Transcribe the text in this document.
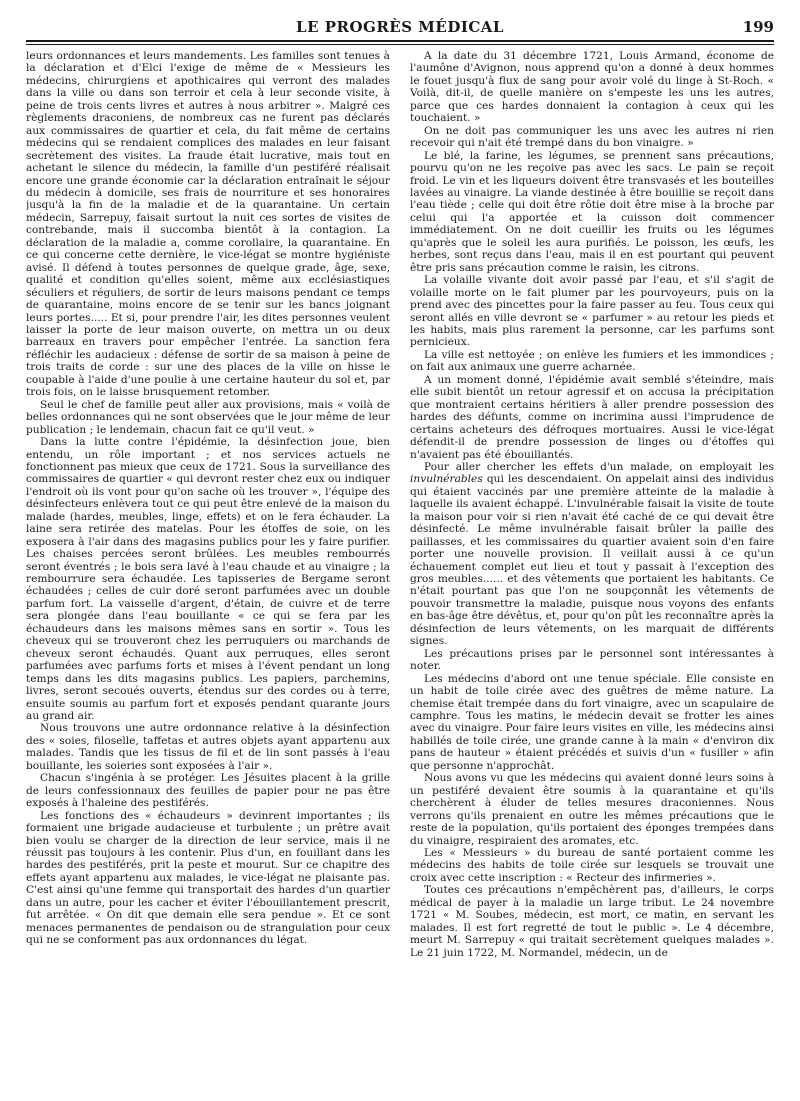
LE PROGRÈS MÉDICAL	199

leurs ordonnances et leurs mandements. Les familles sont tenues à la déclaration et d'Elci l'exige de même de « Messieurs les médecins, chirurgiens et apothicaires qui verront des malades dans la ville ou dans son terroir et cela à leur seconde visite, à peine de trois cents livres et autres à nous arbitrer ». Malgré ces règlements draconiens, de nombreux cas ne furent pas déclarés aux commissaires de quartier et cela, du fait même de certains médecins qui se rendaient complices des malades en leur faisant secrètement des visites. La fraude était lucrative, mais tout en achetant le silence du médecin, la famille d'un pestiféré réalisait encore une grande économie car la déclaration entraînait le séjour du médecin à domicile, ses frais de nourriture et ses honoraires jusqu'à la fin de la maladie et de la quarantaine. Un certain médecin, Sarrepuy, faisait surtout la nuit ces sortes de visites de contrebande, mais il succomba bientôt à la contagion. La déclaration de la maladie a, comme corollaire, la quarantaine. En ce qui concerne cette dernière, le vice-légat se montre hygiéniste avisé. Il défend à toutes personnes de quelque grade, âge, sexe, qualité et condition qu'elles soient, même aux ecclésiastiques séculiers et réguliers, de sortir de leurs maisons pendant ce temps de quarantaine, moins encore de se tenir sur les bancs joignant leurs portes..... Et si, pour prendre l'air, les dites personnes veulent laisser la porte de leur maison ouverte, on mettra un ou deux barreaux en travers pour empêcher l'entrée. La sanction fera réfléchir les audacieux : défense de sortir de sa maison à peine de trois traits de corde : sur une des places de la ville on hisse le coupable à l'aide d'une poulie à une certaine hauteur du sol et, par trois fois, on le laisse brusquement retomber.

Seul le chef de famille peut aller aux provisions, mais « voilà de belles ordonnances qui ne sont observées que le jour même de leur publication ; le lendemain, chacun fait ce qu'il veut. »

Dans la lutte contre l'épidémie, la désinfection joue, bien entendu, un rôle important ; et nos services actuels ne fonctionnent pas mieux que ceux de 1721. Sous la surveillance des commissaires de quartier « qui devront rester chez eux ou indiquer l'endroit où ils vont pour qu'on sache où les trouver », l'équipe des désinfecteurs enlèvera tout ce qui peut être enlevé de la maison du malade (hardes, meubles, linge, effets) et on le fera échauder. La laine sera retirée des matelas. Pour les étoffes de soie, on les exposera à l'air dans des magasins publics pour les y faire purifier. Les chaises percées seront brûlées. Les meubles rembourrés seront éventrés ; le bois sera lavé à l'eau chaude et au vinaigre ; la rembourrure sera échaudée. Les tapisseries de Bergame seront échaudées ; celles de cuir doré seront parfumées avec un double parfum fort. La vaisselle d'argent, d'étain, de cuivre et de terre sera plongée dans l'eau bouillante « ce qui se fera par les échaudeurs dans les maisons mêmes sans en sortir ». Tous les cheveux qui se trouveront chez les perruquiers ou marchands de cheveux seront échaudés. Quant aux perruques, elles seront parfumées avec parfums forts et mises à l'évent pendant un long temps dans les dits magasins publics. Les papiers, parchemins, livres, seront secoués ouverts, étendus sur des cordes ou à terre, ensuite soumis au parfum fort et exposés pendant quarante jours au grand air.

Nous trouvons une autre ordonnance relative à la désinfection des « soies, filoselle, taffetas et autres objets ayant appartenu aux malades. Tandis que les tissus de fil et de lin sont passés à l'eau bouillante, les soieries sont exposées à l'air ».

Chacun s'ingénia à se protéger. Les Jésuites placent à la grille de leurs confessionnaux des feuilles de papier pour ne pas être exposés à l'haleine des pestiférés.

Les fonctions des « échaudeurs » devinrent importantes ; ils formaient une brigade audacieuse et turbulente ; un prêtre avait bien voulu se charger de la direction de leur service, mais il ne réussit pas toujours à les contenir. Plus d'un, en fouillant dans les hardes des pestiférés, prit la peste et mourut. Sur ce chapitre des effets ayant appartenu aux malades, le vice-légat ne plaisante pas. C'est ainsi qu'une femme qui transportait des hardes d'un quartier dans un autre, pour les cacher et éviter l'ébouillantement prescrit, fut arrêtée. « On dit que demain elle sera pendue ». Et ce sont menaces permanentes de pendaison ou de strangulation pour ceux qui ne se conforment pas aux ordonnances du légat.

A la date du 31 décembre 1721, Louis Armand, économe de l'aumône d'Avignon, nous apprend qu'on a donné à deux hommes le fouet jusqu'à flux de sang pour avoir volé du linge à St-Roch. « Voilà, dit-il, de quelle manière on s'empeste les uns les autres, parce que ces hardes donnaient la contagion à ceux qui les touchaient. »

On ne doit pas communiquer les uns avec les autres ni rien recevoir qui n'ait été trempé dans du bon vinaigre. »

Le blé, la farine, les légumes, se prennent sans précautions, pourvu qu'on ne les reçoive pas avec les sacs. Le pain se reçoit froid. Le vin et les liqueurs doivent être transvasés et les bouteilles lavées au vinaigre. La viande destinée à être bouillie se reçoit dans l'eau tiède ; celle qui doit être rôtie doit être mise à la broche par celui qui l'a apportée et la cuisson doit commencer immédiatement. On ne doit cueillir les fruits ou les légumes qu'après que le soleil les aura purifiés. Le poisson, les œufs, les herbes, sont reçus dans l'eau, mais il en est pourtant qui peuvent être pris sans précaution comme le raisin, les citrons.

La volaille vivante doit avoir passé par l'eau, et s'il s'agit de volaille morte on le fait plumer par les pourvoyeurs, puis on la prend avec des pincettes pour la faire passer au feu. Tous ceux qui seront allés en ville devront se « parfumer » au retour les pieds et les habits, mais plus rarement la personne, car les parfums sont pernicieux.

La ville est nettoyée ; on enlève les fumiers et les immondices ; on fait aux animaux une guerre acharnée.

A un moment donné, l'épidémie avait semblé s'éteindre, mais elle subit bientôt un retour agressif et on accusa la précipitation que montraient certains héritiers à aller prendre possession des hardes des défunts, comme on incrimina aussi l'imprudence de certains acheteurs des défroques mortuaires. Aussi le vice-légat défendit-il de prendre possession de linges ou d'étoffes qui n'avaient pas été ébouillantés.

Pour aller chercher les effets d'un malade, on employait les invulnérables qui les descendaient. On appelait ainsi des individus qui étaient vaccinés par une première atteinte de la maladie à laquelle ils avaient échappé. L'invulnérable faisait la visite de toute la maison pour voir si rien n'avait été caché de ce qui devait être désinfecté. Le même invulnérable faisait brûler la paille des paillasses, et les commissaires du quartier avaient soin d'en faire porter une nouvelle provision. Il veillait aussi à ce qu'un échauement complet eut lieu et tout y passait à l'exception des gros meubles...... et des vêtements que portaient les habitants. Ce n'était pourtant pas que l'on ne soupçonnât les vêtements de pouvoir transmettre la maladie, puisque nous voyons des enfants en bas-âge être dévêtus, et, pour qu'on pût les reconnaître après la désinfection de leurs vêtements, on les marquait de différents signes.

Les précautions prises par le personnel sont intéressantes à noter.

Les médecins d'abord ont une tenue spéciale. Elle consiste en un habit de toile cirée avec des guêtres de même nature. La chemise était trempée dans du fort vinaigre, avec un scapulaire de camphre. Tous les matins, le médecin devait se frotter les aines avec du vinaigre. Pour faire leurs visites en ville, les médecins ainsi habillés de toile cirée, une grande canne à la main « d'environ dix pans de hauteur » étaient précédés et suivis d'un « fusiller » afin que personne n'approchât.

Nous avons vu que les médecins qui avaient donné leurs soins à un pestiféré devaient être soumis à la quarantaine et qu'ils cherchèrent à éluder de telles mesures draconiennes. Nous verrons qu'ils prenaient en outre les mêmes précautions que le reste de la population, qu'ils portaient des éponges trempées dans du vinaigre, respiraient des aromates, etc.

Les « Messieurs » du bureau de santé portaient comme les médecins des habits de toile cirée sur lesquels se trouvait une croix avec cette inscription : « Recteur des infirmeries ».

Toutes ces précautions n'empêchèrent pas, d'ailleurs, le corps médical de payer à la maladie un large tribut. Le 24 novembre 1721 « M. Soubes, médecin, est mort, ce matin, en servant les malades. Il est fort regretté de tout le public ». Le 4 décembre, meurt M. Sarrepuy « qui traitait secrètement quelques malades ». Le 21 juin 1722, M. Normandel, médecin, un de
